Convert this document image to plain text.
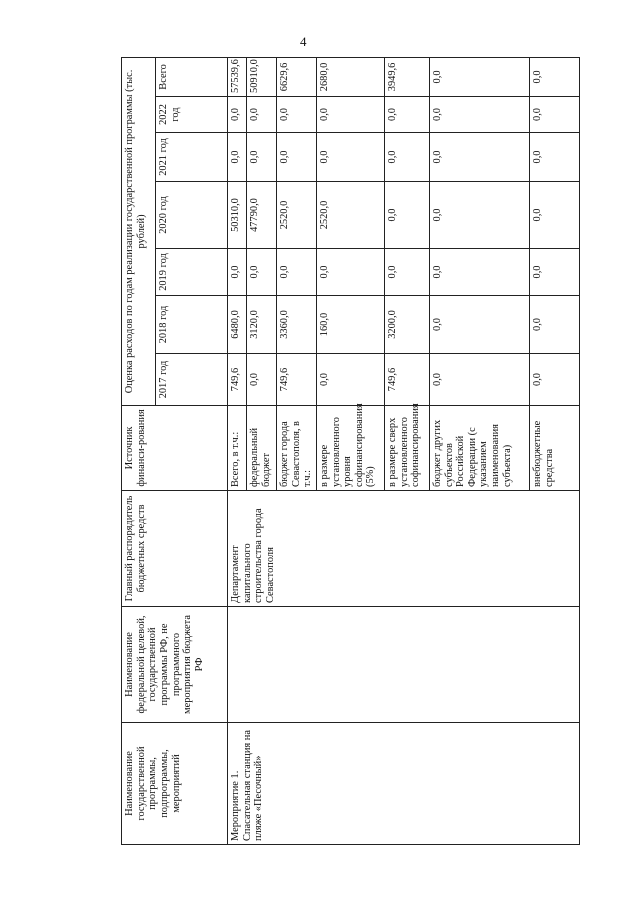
4
Наименование государственной программы, подпрограммы, мероприятий	Наименование федеральной целевой, государственной программы РФ, не программного мероприятия бюджета РФ	Главный распорядитель бюджетных средств	Источник финанси-рования	Оценка расходов по годам реализации государственной программы (тыс. рублей)						
				2017 год	2018 год	2019 год	2020 год	2021 год	2022 год	Всего
Мероприятие 1. Спасательная станция на пляже «Песочный»		Департамент капитального строительства города Севастополя	Всего, в т.ч.:	749,6	6480,0	0,0	50310,0	0,0	0,0	57539,6
			федеральный бюджет	0,0	3120,0	0,0	47790,0	0,0	0,0	50910,0
			бюджет города Севастополя, в т.ч.:	749,6	3360,0	0,0	2520,0	0,0	0,0	6629,6
			в размере установленного уровня софинансирования (5%)	0,0	160,0	0,0	2520,0	0,0	0,0	2680,0
			в размере сверх установленного софинансирования	749,6	3200,0	0,0	0,0	0,0	0,0	3949,6
			бюджет других субъектов Российской Федерации (с указанием наименования субъекта)	0,0	0,0	0,0	0,0	0,0	0,0	0,0
			внебюджетные средства	0,0	0,0	0,0	0,0	0,0	0,0	0,0
